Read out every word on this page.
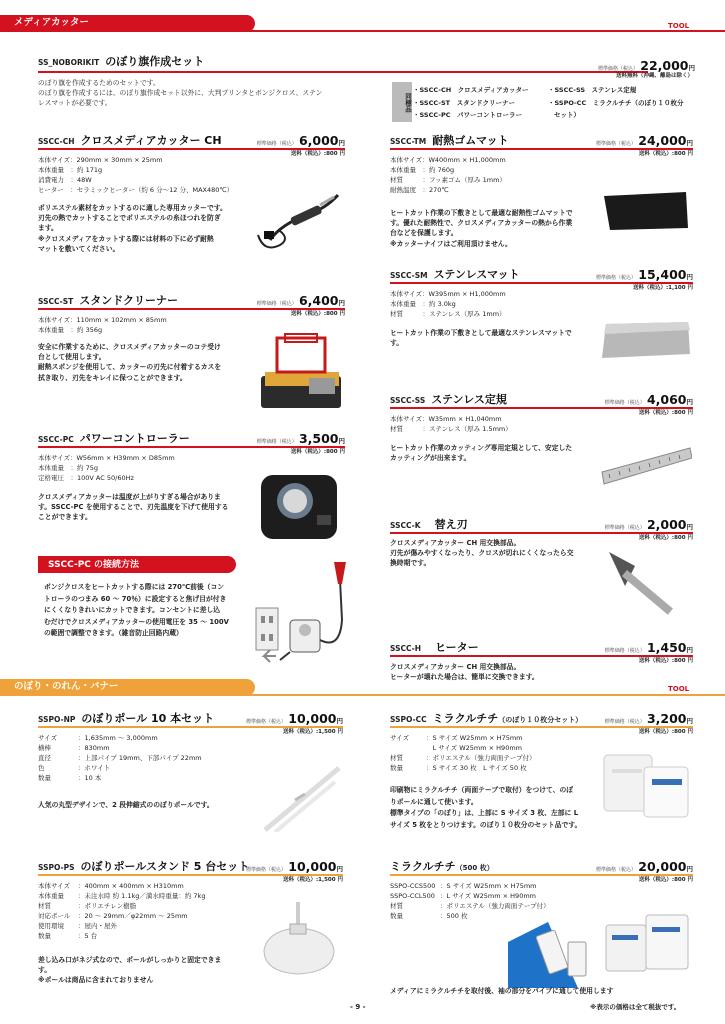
メディアカッター	TOOL
SS_NOBORIKIT のぼり旗作成セット
のぼり旗を作成するためのセットです。
のぼり旗を作成するには、のぼり旗作成セット以外に、大判プリンタとボンジクロス、ステン
レスマットが必要です。
標準価格（税込） 22,000円
送料無料（沖縄、離島は除く）
同梱品
・SSCC-CH　クロスメディアカッター
・SSCC-ST　スタンドクリーナー
・SSCC-PC　パワーコントローラー
・SSCC-SS　ステンレス定規
・SSPO-CC　ミラクルチチ（のぼり１０枚分
セット）
SSCC-CH クロスメディアカッター CH	標準価格（税込） 6,000円
送料（税込）:800 円
本体サイズ：290mm × 30mm × 25mm
本体重量　：約 171g
消費電力　：48W
ヒーター　：セラミックヒーター（約 6 分～12 分、MAX480℃）
ポリエステル素材をカットするのに適した専用カッターです。
刃先の熱でカットすることでポリエステルの糸ほつれを防ぎ
ます。
※クロスメディアをカットする際には材料の下に必ず耐熱
マットを敷いてください。
SSCC-ST スタンドクリーナー	標準価格（税込） 6,400円
送料（税込）:800 円
本体サイズ：110mm × 102mm × 85mm
本体重量　：約 356g
安全に作業するために、クロスメディアカッターのコテ受け
台として使用します。
耐熱スポンジを使用して、カッターの刃先に付着するカスを
拭き取り、刃先をキレイに保つことができます。
SSCC-PC パワーコントローラー	標準価格（税込） 3,500円
送料（税込）:800 円
本体サイズ：W56mm × H39mm × D85mm
本体重量　：約 75g
定格電圧　：100V AC 50/60Hz
クロスメディアカッターは温度が上がりすぎる場合がありま
す。SSCC-PC を使用することで、刃先温度を下げて使用する
ことができます。
SSCC-PC の接続方法
ボンジクロスをヒートカットする際には 270℃前後（コン
トローラのつまみ 60 ～ 70％）に設定すると焦げ目が付き
にくくなりきれいにカットできます。コンセントに差し込
むだけでクロスメディアカッターの使用電圧を 35 ～ 100V
の範囲で調整できます。（雑音防止回路内蔵）
SSCC-TM 耐熱ゴムマット	標準価格（税込） 24,000円
送料（税込）:800 円
本体サイズ：W400mm × H1,000mm
本体重量　：約 760g
材質　　　：フッ素ゴム（厚み 1mm）
耐熱温度　：270℃
ヒートカット作業の下敷きとして最適な耐熱性ゴムマットで
す。優れた耐熱性で、クロスメディアカッターの熱から作業
台などを保護します。
※カッターナイフはご利用頂けません。
SSCC-SM ステンレスマット	標準価格（税込） 15,400円
送料（税込）:1,100 円
本体サイズ：W395mm × H1,000mm
本体重量　：約 3.0kg
材質　　　：ステンレス（厚み 1mm）
ヒートカット作業の下敷きとして最適なステンレスマットで
す。
SSCC-SS ステンレス定規	標準価格（税込） 4,060円
送料（税込）:800 円
本体サイズ：W35mm × H1,040mm
材質　　　：ステンレス（厚み 1.5mm）
ヒートカット作業のカッティング専用定規として、安定した
カッティングが出来ます。
SSCC-K 替え刃	標準価格（税込） 2,000円
送料（税込）:800 円
クロスメディアカッター CH 用交換部品。
刃先が傷みやすくなったり、クロスが切れにくくなったら交
換時期です。
SSCC-H ヒーター	標準価格（税込） 1,450円
送料（税込）:800 円
クロスメディアカッター CH 用交換部品。
ヒーターが壊れた場合は、簡単に交換できます。
のぼり・のれん・バナー	TOOL
SSPO-NP のぼりポール 10 本セット	標準価格（税込） 10,000円
送料（税込）:1,500 円
サイズ	：1,635mm ～ 3,000mm
横棒	：830mm
直径	：上部パイプ 19mm、下部パイプ 22mm
色	：ホワイト
数量	：10 本
人気の丸型デザインで、2 段伸縮式ののぼりポールです。
SSPO-PS のぼりポールスタンド 5 台セット
標準価格（税込） 10,000円
送料（税込）:1,500 円
本体サイズ	：400mm × 400mm × H310mm
本体重量	：未注水時 約 1.1kg／満水時重量：約 7kg
材質	：ポリエチレン樹脂
対応ポール	：20 ～ 29mm／φ22mm ～ 25mm
使用環境	：屋内・屋外
数量	：5 台
差し込み口がネジ式なので、ポールがしっかりと固定できま
す。
※ポールは商品に含まれておりません
SSPO-CC ミラクルチチ（のぼり１０枚分セット）	標準価格（税込） 3,200円
送料（税込）:800 円
サイズ	：S サイズ W25mm × H75mm
　L サイズ W25mm × H90mm
材質	：ポリエステル（強力両面テープ付）
数量	：S サイズ 30 枚　L サイズ 50 枚
印刷物にミラクルチチ（両面テープで取付）をつけて、のぼ
りポールに通して使います。
標準タイプの「のぼり」は、上部に S サイズ 3 枚、左部に L
サイズ 5 枚をとりつけます。のぼり１０枚分のセット品です。
ミラクルチチ（500 枚）	標準価格（税込） 20,000円
送料（税込）:800 円
SSPO-CCS500 ：S サイズ W25mm × H75mm
SSPO-CCL500 ：L サイズ W25mm × H90mm
材質	：ポリエステル（強力両面テープ付）
数量	：500 枚
メディアにミラクルチチを取付後、袖の部分をパイプに通して使用します
※表示の価格は全て税抜です。
- 9 -
